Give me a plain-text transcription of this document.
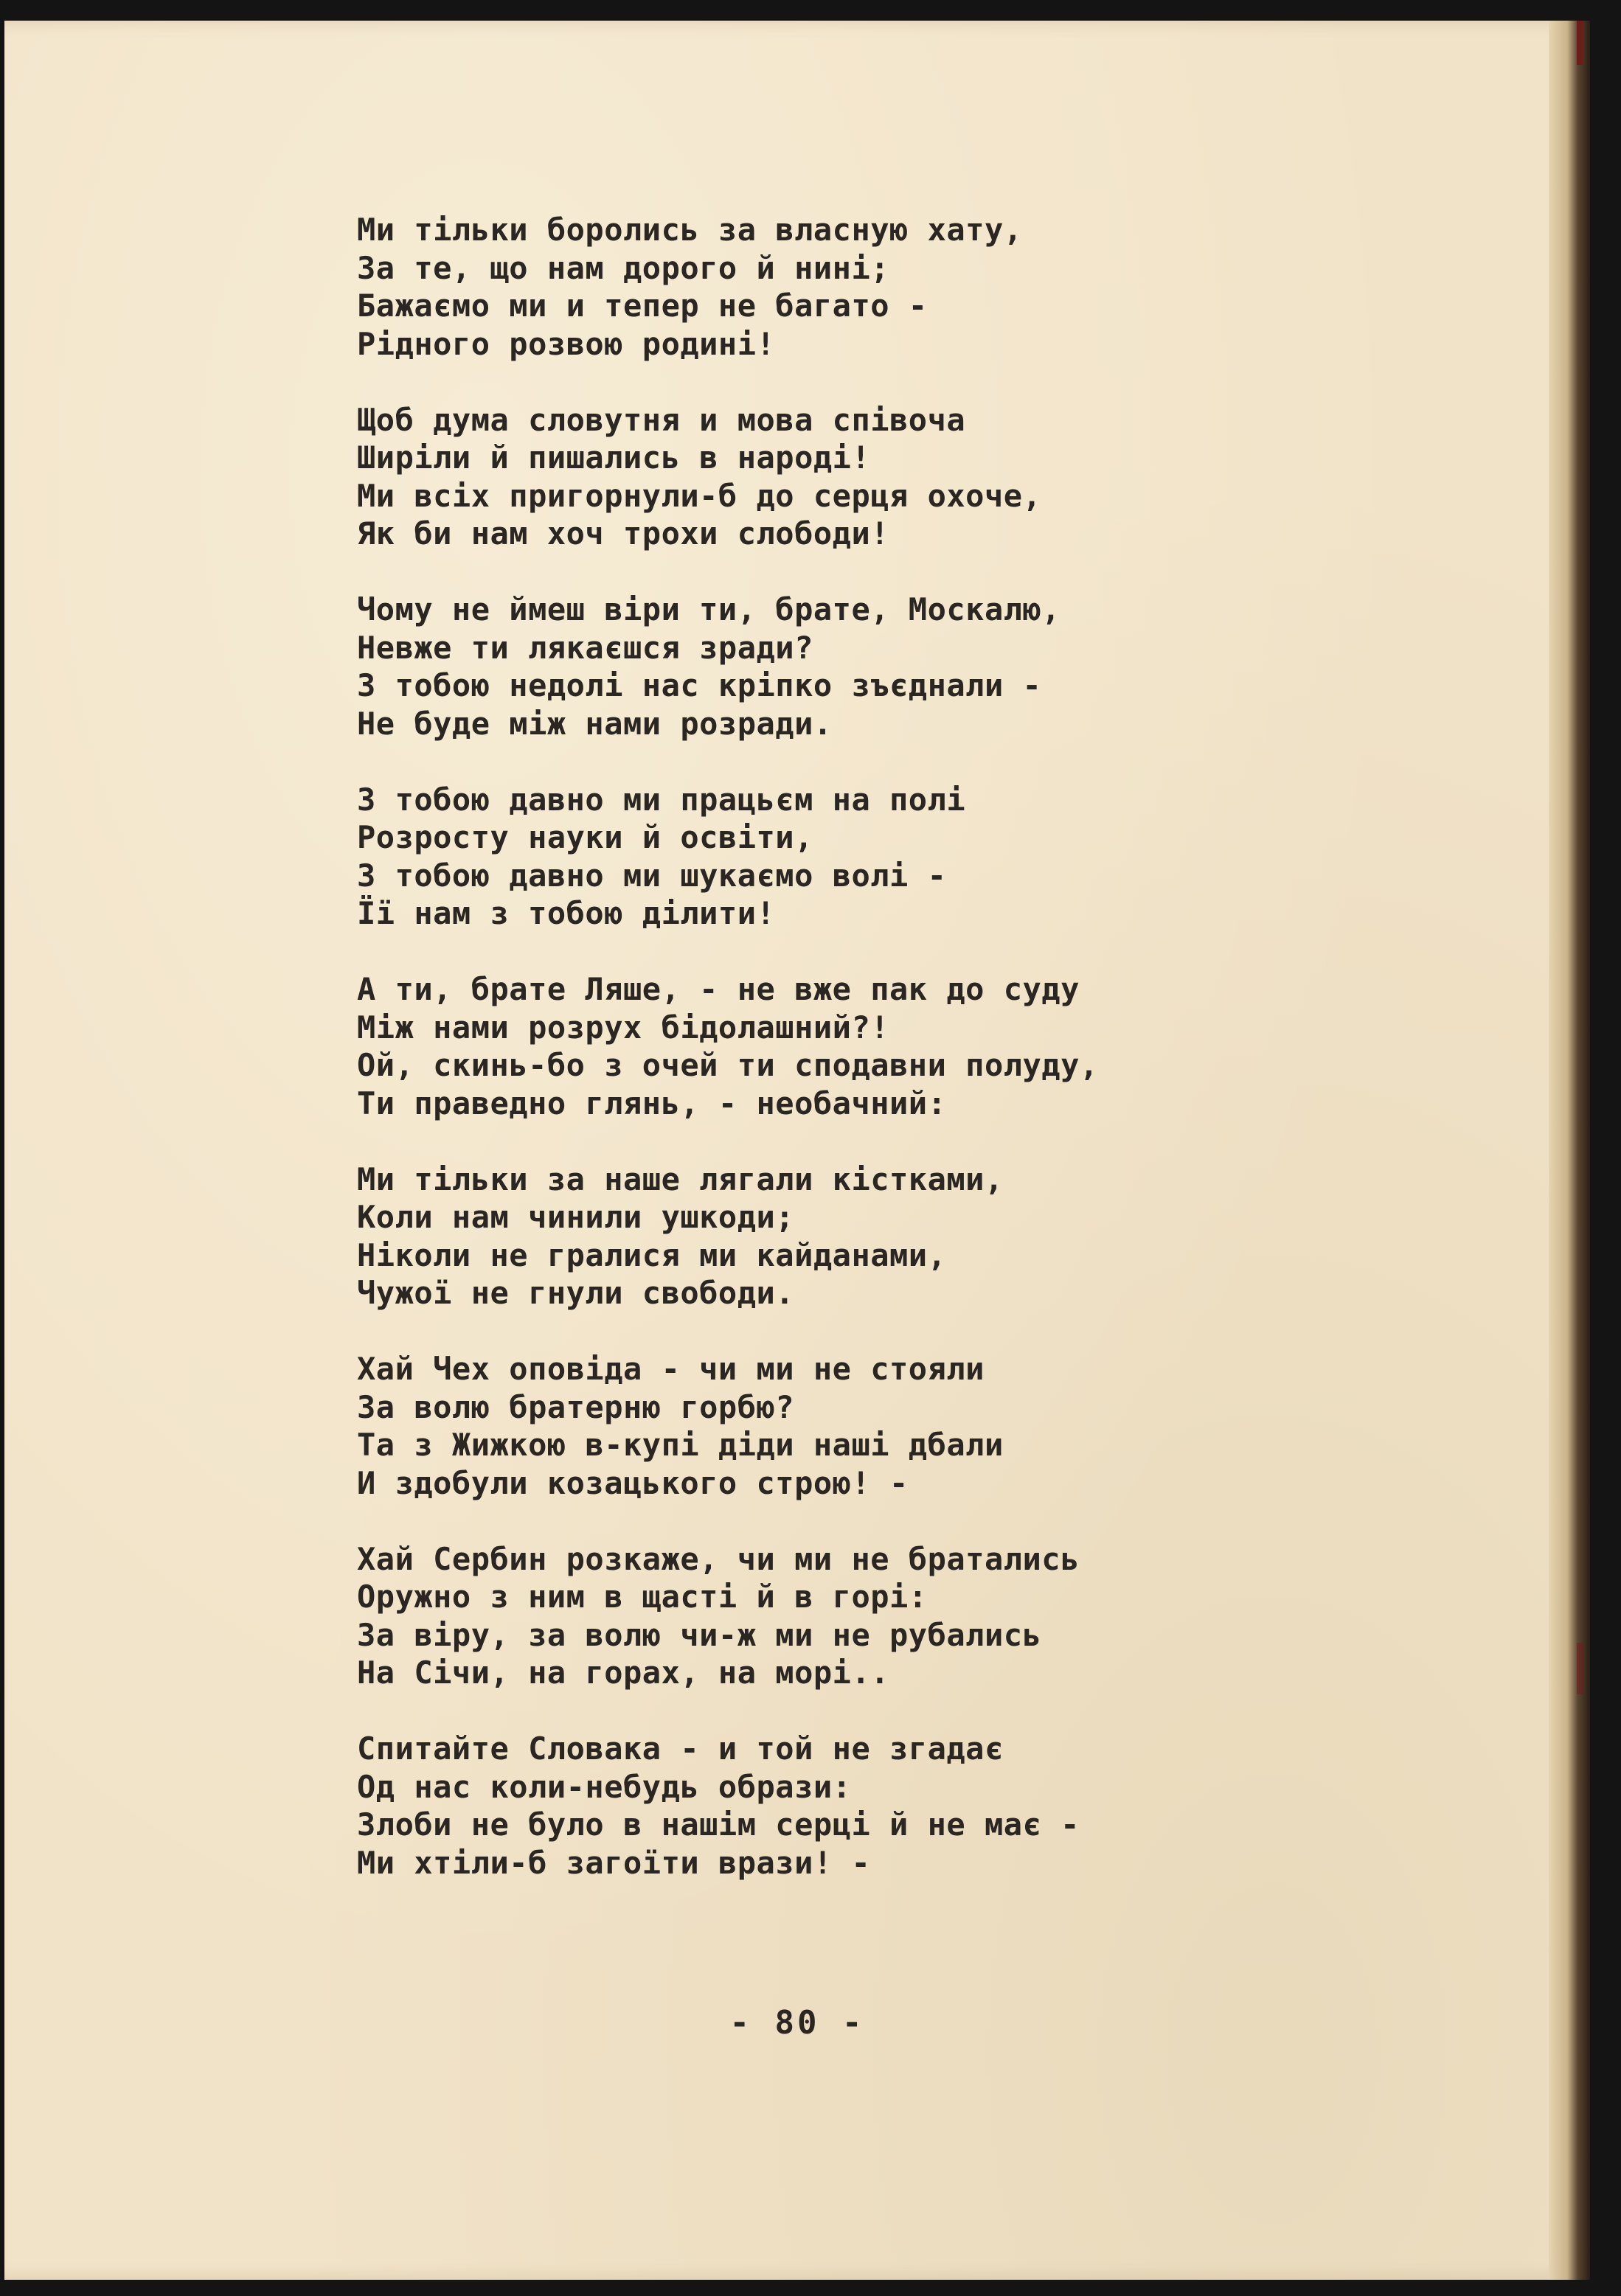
Ми тільки боролись за власную хату,
За те, що нам дорого й нині;
Бажаємо ми и тепер не багато -
Рідного розвою родині!
Щоб дума словутня и мова співоча
Ширіли й пишались в народі!
Ми всіх пригорнули-б до серця охоче,
Як би нам хоч трохи слободи!
Чому не ймеш віри ти, брате, Москалю,
Невже ти лякаєшся зради?
З тобою недолі нас кріпко зъєднали -
Не буде між нами розради.
З тобою давно ми працьєм на полі
Розросту науки й освіти,
З тобою давно ми шукаємо волі -
Її нам з тобою ділити!
А ти, брате Ляше, - не вже пак до суду
Між нами розрух бідолашний?!
Ой, скинь-бо з очей ти сподавни полуду,
Ти праведно глянь, - необачний:
Ми тільки за наше лягали кістками,
Коли нам чинили ушкоди;
Ніколи не гралися ми кайданами,
Чужої не гнули свободи.
Хай Чех оповіда - чи ми не стояли
За волю братерню горбю?
Та з Жижкою в-купі діди наші дбали
И здобули козацького строю! -
Хай Сербин розкаже, чи ми не братались
Оружно з ним в щасті й в горі:
За віру, за волю чи-ж ми не рубались
На Січи, на горах, на морі..
Спитайте Словака - и той не згадає
Од нас коли-небудь образи:
Злоби не було в нашім серці й не має -
Ми хтіли-б загоїти врази! -
- 80 -
